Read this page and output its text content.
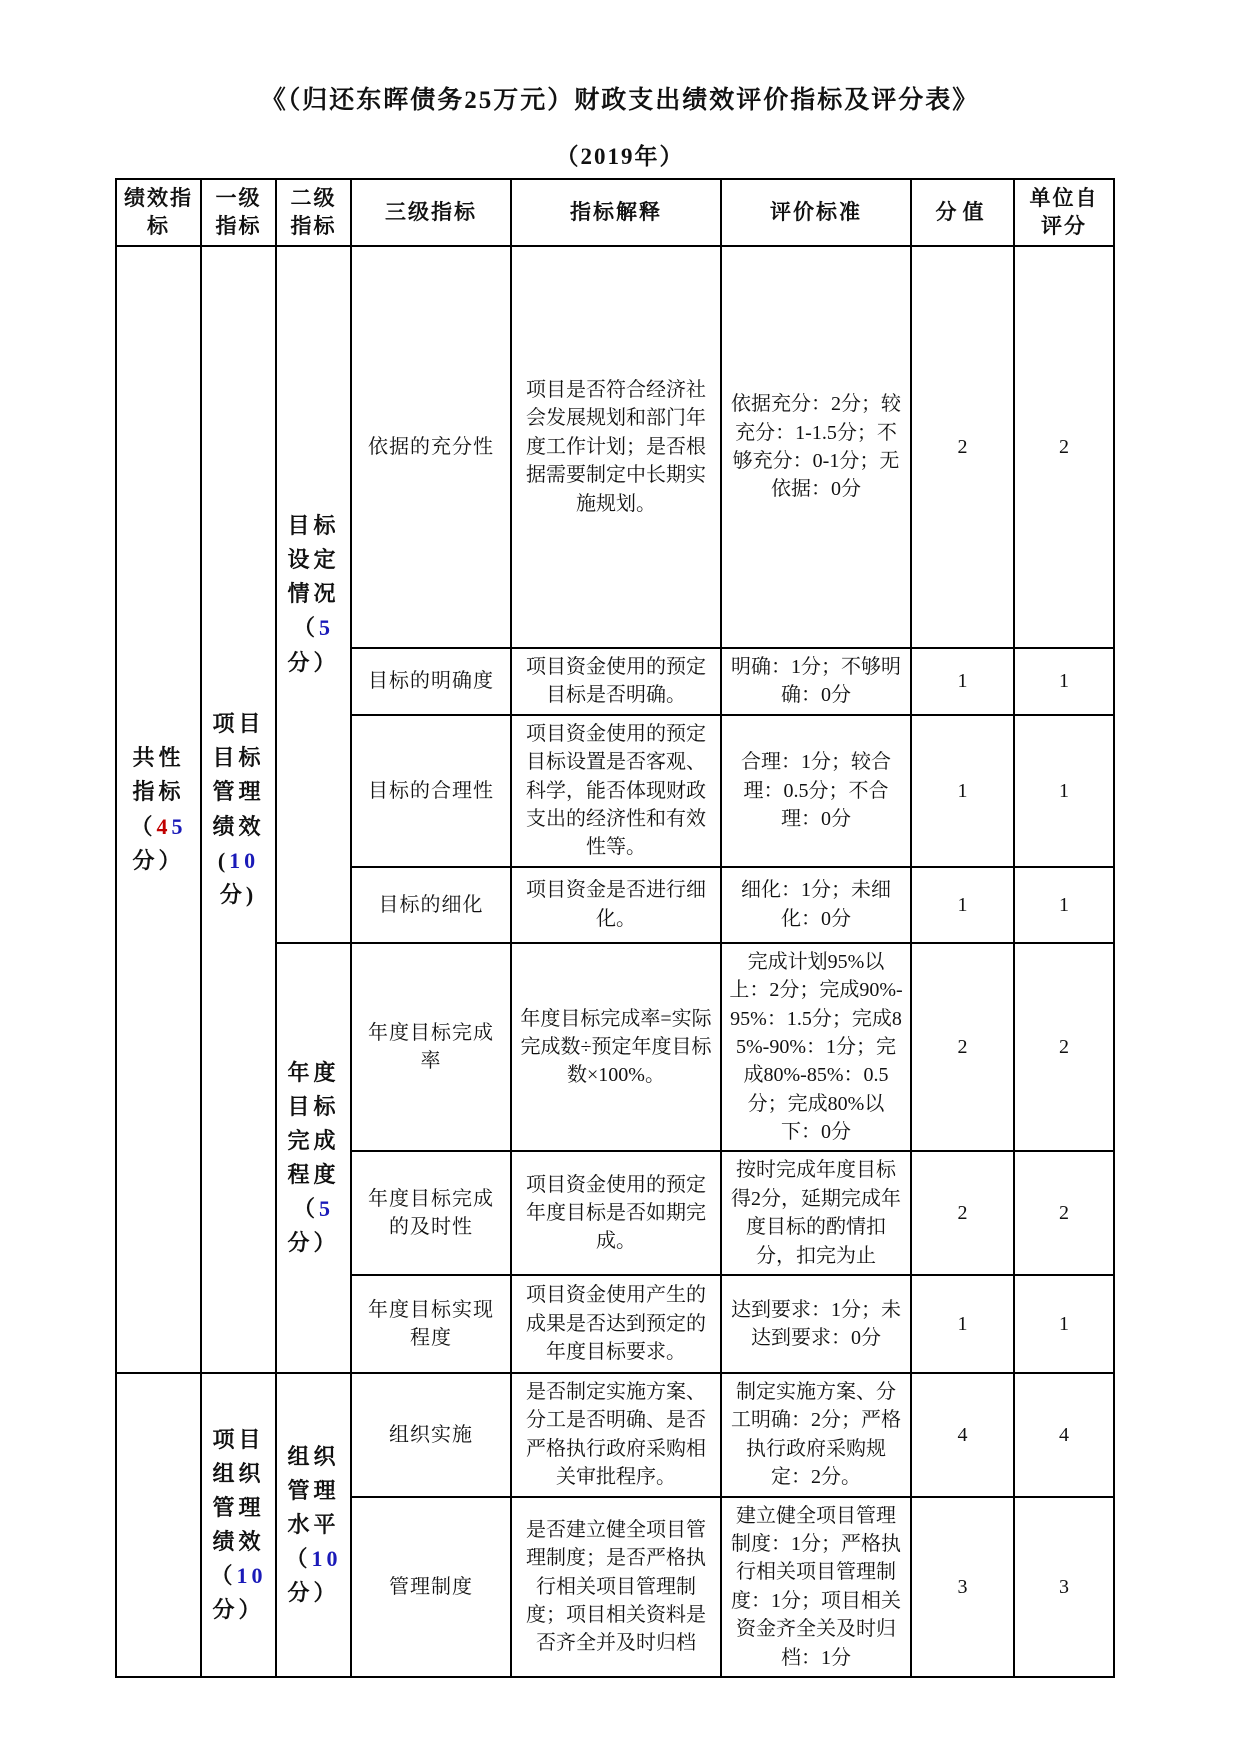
《（归还东晖债务25万元）财政支出绩效评价指标及评分表》
（2019年）
绩效指标	一级指标	二级指标	三级指标	指标解释	评价标准	分值	单位自评分
共性指标（45分）	项目目标管理绩效(10分)	目标设定情况（5分）	依据的充分性	项目是否符合经济社会发展规划和部门年度工作计划；是否根据需要制定中长期实施规划。	依据充分：2分；较充分：1-1.5分；不够充分：0-1分；无依据：0分	2	2
			目标的明确度	项目资金使用的预定目标是否明确。	明确：1分；不够明确：0分	1	1
			目标的合理性	项目资金使用的预定目标设置是否客观、科学，能否体现财政支出的经济性和有效性等。	合理：1分；较合理：0.5分；不合理：0分	1	1
			目标的细化	项目资金是否进行细化。	细化：1分；未细化：0分	1	1
		年度目标完成程度（5分）	年度目标完成率	年度目标完成率=实际完成数÷预定年度目标数×100%。	完成计划95%以上：2分；完成90%-95%：1.5分；完成85%-90%：1分；完成80%-85%：0.5分；完成80%以下：0分	2	2
			年度目标完成的及时性	项目资金使用的预定年度目标是否如期完成。	按时完成年度目标得2分，延期完成年度目标的酌情扣分，扣完为止	2	2
			年度目标实现程度	项目资金使用产生的成果是否达到预定的年度目标要求。	达到要求：1分；未达到要求：0分	1	1
	项目组织管理绩效（10分）	组织管理水平（10分）	组织实施	是否制定实施方案、分工是否明确、是否严格执行政府采购相关审批程序。	制定实施方案、分工明确：2分；严格执行政府采购规定：2分。	4	4
			管理制度	是否建立健全项目管理制度；是否严格执行相关项目管理制度；项目相关资料是否齐全并及时归档	建立健全项目管理制度：1分；严格执行相关项目管理制度：1分；项目相关资金齐全关及时归档：1分	3	3
